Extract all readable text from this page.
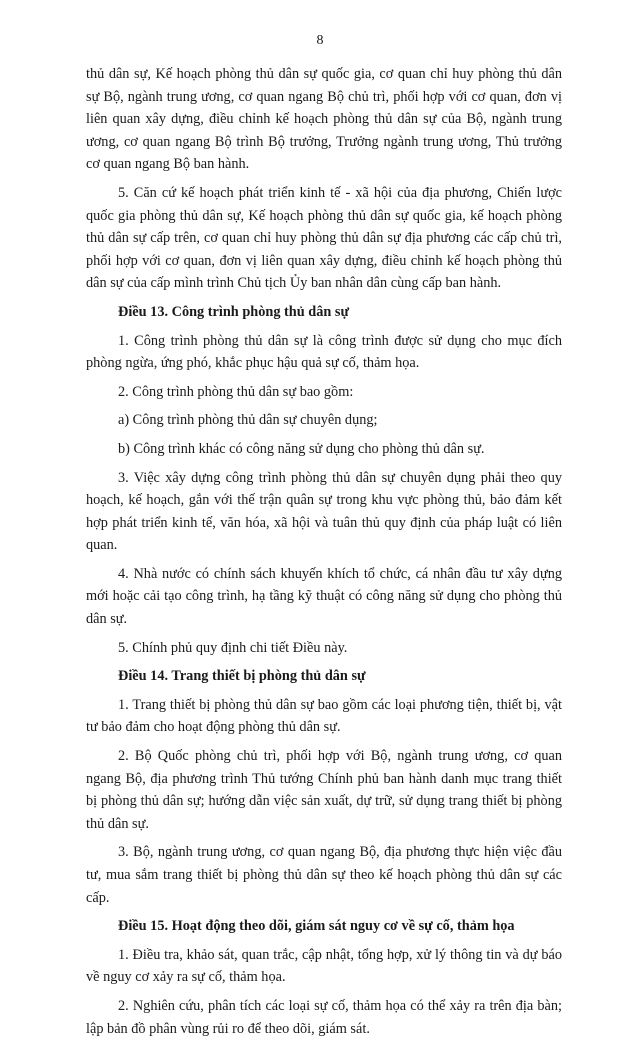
8

thủ dân sự, Kế hoạch phòng thủ dân sự quốc gia, cơ quan chỉ huy phòng thủ dân sự Bộ, ngành trung ương, cơ quan ngang Bộ chủ trì, phối hợp với cơ quan, đơn vị liên quan xây dựng, điều chỉnh kế hoạch phòng thủ dân sự của Bộ, ngành trung ương, cơ quan ngang Bộ trình Bộ trưởng, Trưởng ngành trung ương, Thủ trưởng cơ quan ngang Bộ ban hành.

5. Căn cứ kế hoạch phát triển kinh tế - xã hội của địa phương, Chiến lược quốc gia phòng thủ dân sự, Kế hoạch phòng thủ dân sự quốc gia, kế hoạch phòng thủ dân sự cấp trên, cơ quan chỉ huy phòng thủ dân sự địa phương các cấp chủ trì, phối hợp với cơ quan, đơn vị liên quan xây dựng, điều chỉnh kế hoạch phòng thủ dân sự của cấp mình trình Chủ tịch Ủy ban nhân dân cùng cấp ban hành.

Điều 13. Công trình phòng thủ dân sự

1. Công trình phòng thủ dân sự là công trình được sử dụng cho mục đích phòng ngừa, ứng phó, khắc phục hậu quả sự cố, thảm họa.

2. Công trình phòng thủ dân sự bao gồm:

a) Công trình phòng thủ dân sự chuyên dụng;

b) Công trình khác có công năng sử dụng cho phòng thủ dân sự.

3. Việc xây dựng công trình phòng thủ dân sự chuyên dụng phải theo quy hoạch, kế hoạch, gắn với thế trận quân sự trong khu vực phòng thủ, bảo đảm kết hợp phát triển kinh tế, văn hóa, xã hội và tuân thủ quy định của pháp luật có liên quan.

4. Nhà nước có chính sách khuyến khích tổ chức, cá nhân đầu tư xây dựng mới hoặc cải tạo công trình, hạ tầng kỹ thuật có công năng sử dụng cho phòng thủ dân sự.

5. Chính phủ quy định chi tiết Điều này.

Điều 14. Trang thiết bị phòng thủ dân sự

1. Trang thiết bị phòng thủ dân sự bao gồm các loại phương tiện, thiết bị, vật tư bảo đảm cho hoạt động phòng thủ dân sự.

2. Bộ Quốc phòng chủ trì, phối hợp với Bộ, ngành trung ương, cơ quan ngang Bộ, địa phương trình Thủ tướng Chính phủ ban hành danh mục trang thiết bị phòng thủ dân sự; hướng dẫn việc sản xuất, dự trữ, sử dụng trang thiết bị phòng thủ dân sự.

3. Bộ, ngành trung ương, cơ quan ngang Bộ, địa phương thực hiện việc đầu tư, mua sắm trang thiết bị phòng thủ dân sự theo kế hoạch phòng thủ dân sự các cấp.

Điều 15. Hoạt động theo dõi, giám sát nguy cơ về sự cố, thảm họa

1. Điều tra, khảo sát, quan trắc, cập nhật, tổng hợp, xử lý thông tin và dự báo về nguy cơ xảy ra sự cố, thảm họa.

2. Nghiên cứu, phân tích các loại sự cố, thảm họa có thể xảy ra trên địa bàn; lập bản đồ phân vùng rủi ro để theo dõi, giám sát.
